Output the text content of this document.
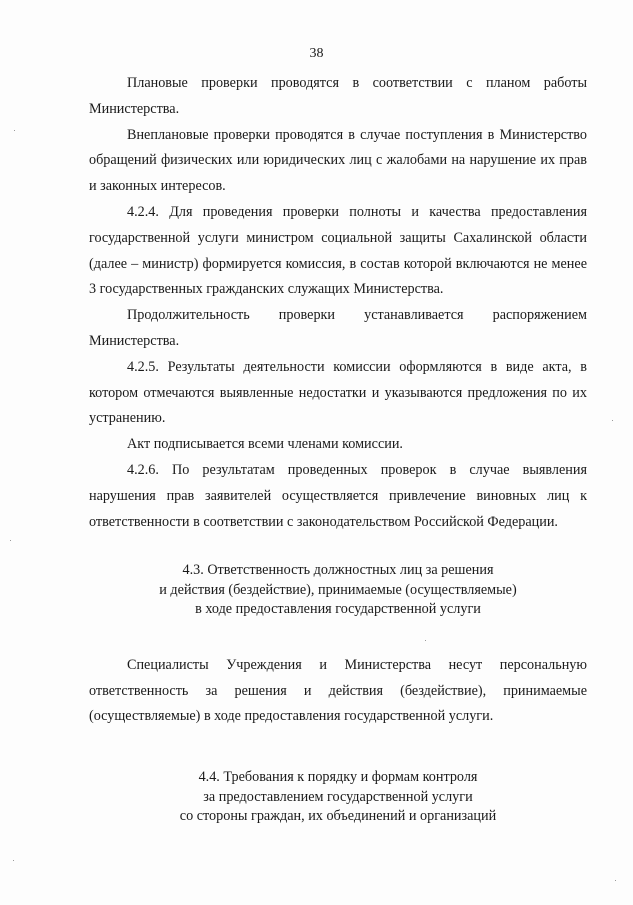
38

Плановые проверки проводятся в соответствии с планом работы Министерства.

Внеплановые проверки проводятся в случае поступления в Министерство обращений физических или юридических лиц с жалобами на нарушение их прав и законных интересов.

4.2.4. Для проведения проверки полноты и качества предоставления государственной услуги министром социальной защиты Сахалинской области (далее – министр) формируется комиссия, в состав которой включаются не менее 3 государственных гражданских служащих Министерства.

Продолжительность проверки устанавливается распоряжением Министерства.

4.2.5. Результаты деятельности комиссии оформляются в виде акта, в котором отмечаются выявленные недостатки и указываются предложения по их устранению.

Акт подписывается всеми членами комиссии.

4.2.6. По результатам проведенных проверок в случае выявления нарушения прав заявителей осуществляется привлечение виновных лиц к ответственности в соответствии с законодательством Российской Федерации.

4.3. Ответственность должностных лиц за решения
и действия (бездействие), принимаемые (осуществляемые)
в ходе предоставления государственной услуги

Специалисты Учреждения и Министерства несут персональную ответственность за решения и действия (бездействие), принимаемые (осуществляемые) в ходе предоставления государственной услуги.

4.4. Требования к порядку и формам контроля
за предоставлением государственной услуги
со стороны граждан, их объединений и организаций
